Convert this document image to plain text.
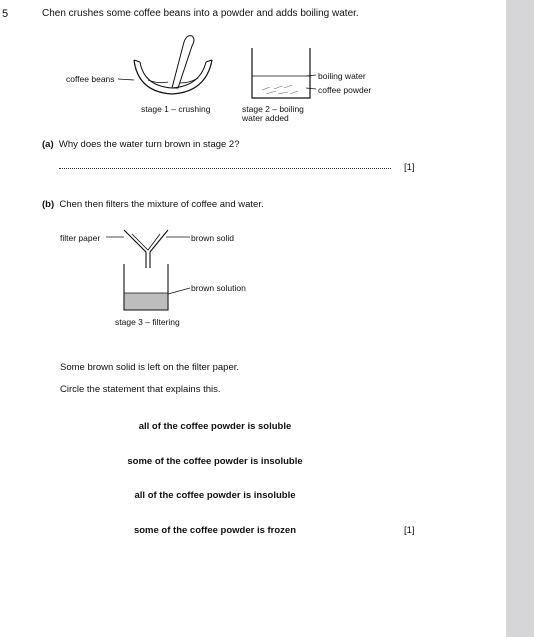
5	Chen crushes some coffee beans into a powder and adds boiling water.
coffee beans	boiling water
coffee powder
stage 1 – crushing	stage 2 – boiling
water added
(a) Why does the water turn brown in stage 2?
[1]
(b) Chen then filters the mixture of coffee and water.
filter paper	brown solid
brown solution
stage 3 – filtering
Some brown solid is left on the filter paper.
Circle the statement that explains this.
all of the coffee powder is soluble
some of the coffee powder is insoluble
all of the coffee powder is insoluble
some of the coffee powder is frozen	[1]
